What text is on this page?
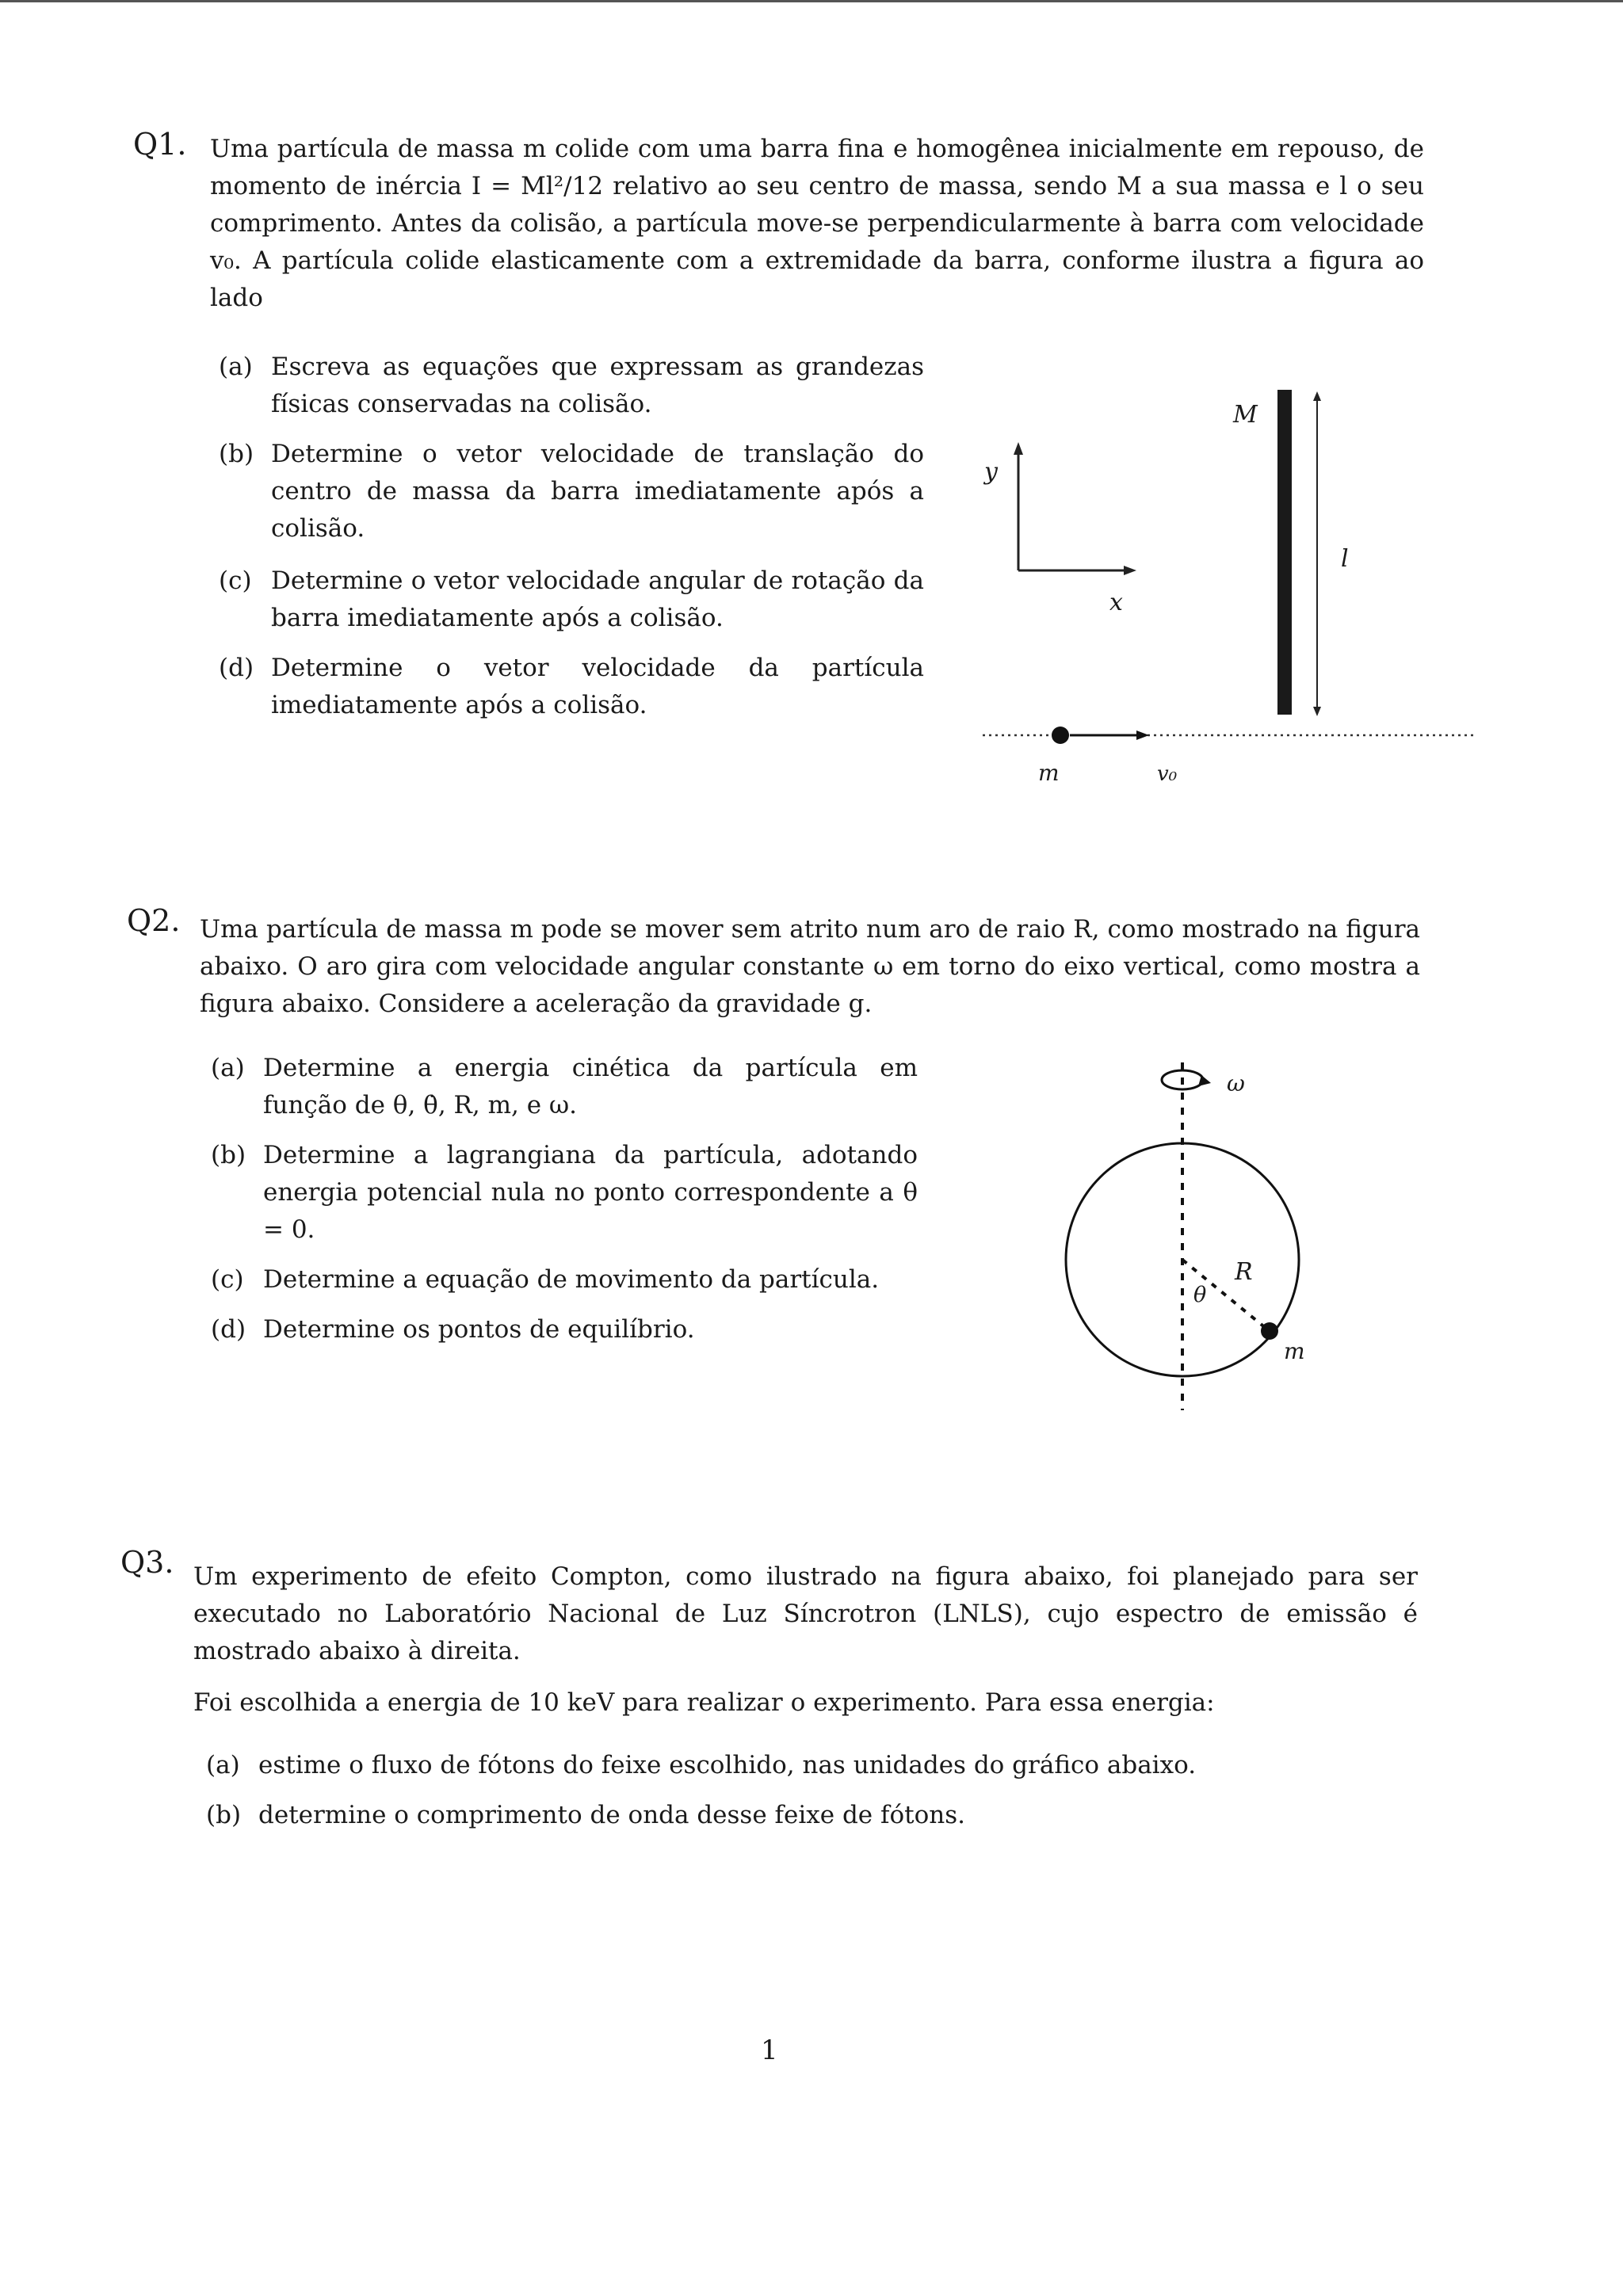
Q1. Uma partícula de massa m colide com uma barra fina e homogênea inicialmente em repouso, de momento de inércia I = Ml²/12 relativo ao seu centro de massa, sendo M a sua massa e l o seu comprimento. Antes da colisão, a partícula move-se perpendicularmente à barra com velocidade v₀. A partícula colide elasticamente com a extremidade da barra, conforme ilustra a figura ao lado

(a) Escreva as equações que expressam as grandezas físicas conservadas na colisão.
(b) Determine o vetor velocidade de translação do centro de massa da barra imediatamente após a colisão.
(c) Determine o vetor velocidade angular de rotação da barra imediatamente após a colisão.
(d) Determine o vetor velocidade da partícula imediatamente após a colisão.
y
x
M
l
m	v₀
Q2. Uma partícula de massa m pode se mover sem atrito num aro de raio R, como mostrado na figura abaixo. O aro gira com velocidade angular constante ω em torno do eixo vertical, como mostra a figura abaixo. Considere a aceleração da gravidade g.

(a) Determine a energia cinética da partícula em função de θ, θ̇, R, m, e ω.
(b) Determine a lagrangiana da partícula, adotando energia potencial nula no ponto correspondente a θ = 0.
(c) Determine a equação de movimento da partícula.
(d) Determine os pontos de equilíbrio.
ω
R
θ
m
Q3. Um experimento de efeito Compton, como ilustrado na figura abaixo, foi planejado para ser executado no Laboratório Nacional de Luz Síncrotron (LNLS), cujo espectro de emissão é mostrado abaixo à direita.

Foi escolhida a energia de 10 keV para realizar o experimento. Para essa energia:

(a) estime o fluxo de fótons do feixe escolhido, nas unidades do gráfico abaixo.
(b) determine o comprimento de onda desse feixe de fótons.
1
